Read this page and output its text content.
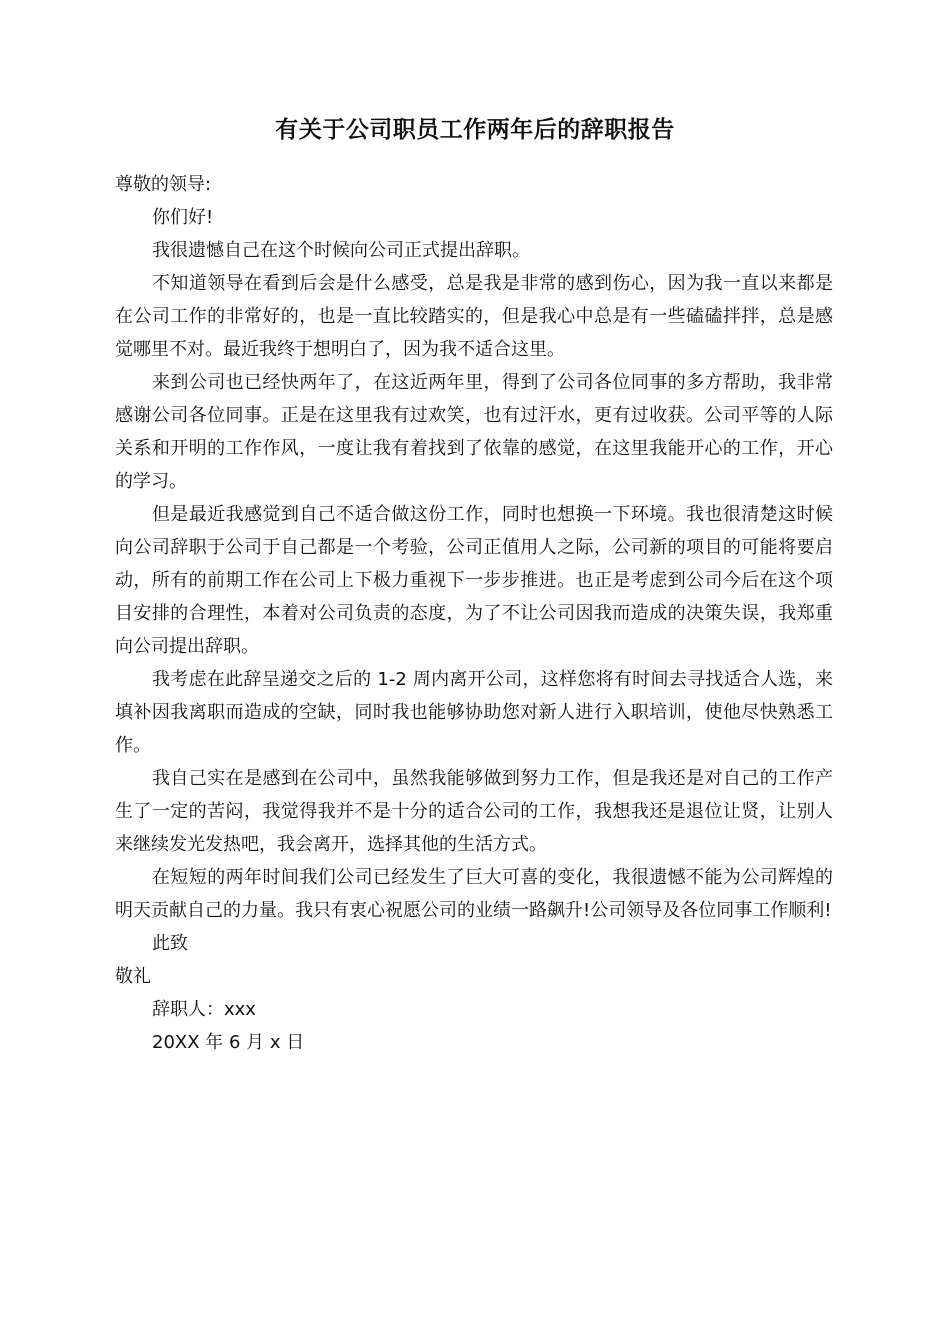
有关于公司职员工作两年后的辞职报告

尊敬的领导:

你们好!

我很遗憾自己在这个时候向公司正式提出辞职。

不知道领导在看到后会是什么感受，总是我是非常的感到伤心，因为我一直以来都是在公司工作的非常好的，也是一直比较踏实的，但是我心中总是有一些磕磕拌拌，总是感觉哪里不对。最近我终于想明白了，因为我不适合这里。

来到公司也已经快两年了，在这近两年里，得到了公司各位同事的多方帮助，我非常感谢公司各位同事。正是在这里我有过欢笑，也有过汗水，更有过收获。公司平等的人际关系和开明的工作作风，一度让我有着找到了依靠的感觉，在这里我能开心的工作，开心的学习。

但是最近我感觉到自己不适合做这份工作，同时也想换一下环境。我也很清楚这时候向公司辞职于公司于自己都是一个考验，公司正值用人之际，公司新的项目的可能将要启动，所有的前期工作在公司上下极力重视下一步步推进。也正是考虑到公司今后在这个项目安排的合理性，本着对公司负责的态度，为了不让公司因我而造成的决策失误，我郑重向公司提出辞职。

我考虑在此辞呈递交之后的 1-2 周内离开公司，这样您将有时间去寻找适合人选，来填补因我离职而造成的空缺，同时我也能够协助您对新人进行入职培训，使他尽快熟悉工作。

我自己实在是感到在公司中，虽然我能够做到努力工作，但是我还是对自己的工作产生了一定的苦闷，我觉得我并不是十分的适合公司的工作，我想我还是退位让贤，让别人来继续发光发热吧，我会离开，选择其他的生活方式。

在短短的两年时间我们公司已经发生了巨大可喜的变化，我很遗憾不能为公司辉煌的明天贡献自己的力量。我只有衷心祝愿公司的业绩一路飙升!公司领导及各位同事工作顺利!

此致

敬礼

辞职人：xxx

20XX 年 6 月 x 日
